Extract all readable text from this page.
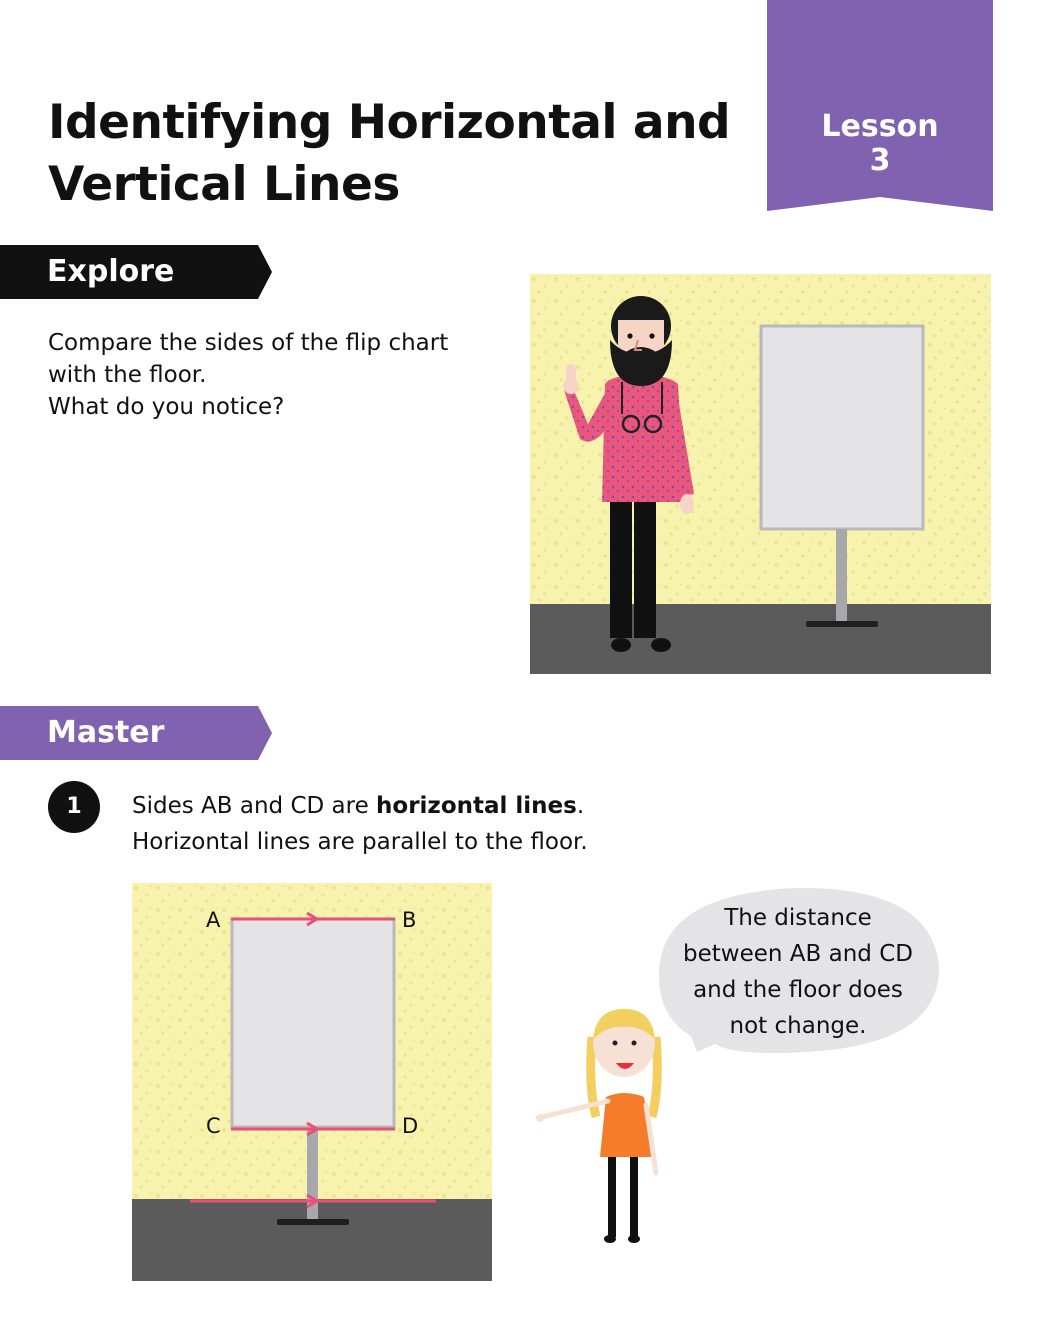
Identifying Horizontal and Vertical Lines
Lesson
3
Explore
Compare the sides of the flip chart
with the floor.
What do you notice?
Master
1	Sides AB and CD are horizontal lines.
Horizontal lines are parallel to the floor.
A	B
C	D
The distance
between AB and CD
and the floor does
not change.
